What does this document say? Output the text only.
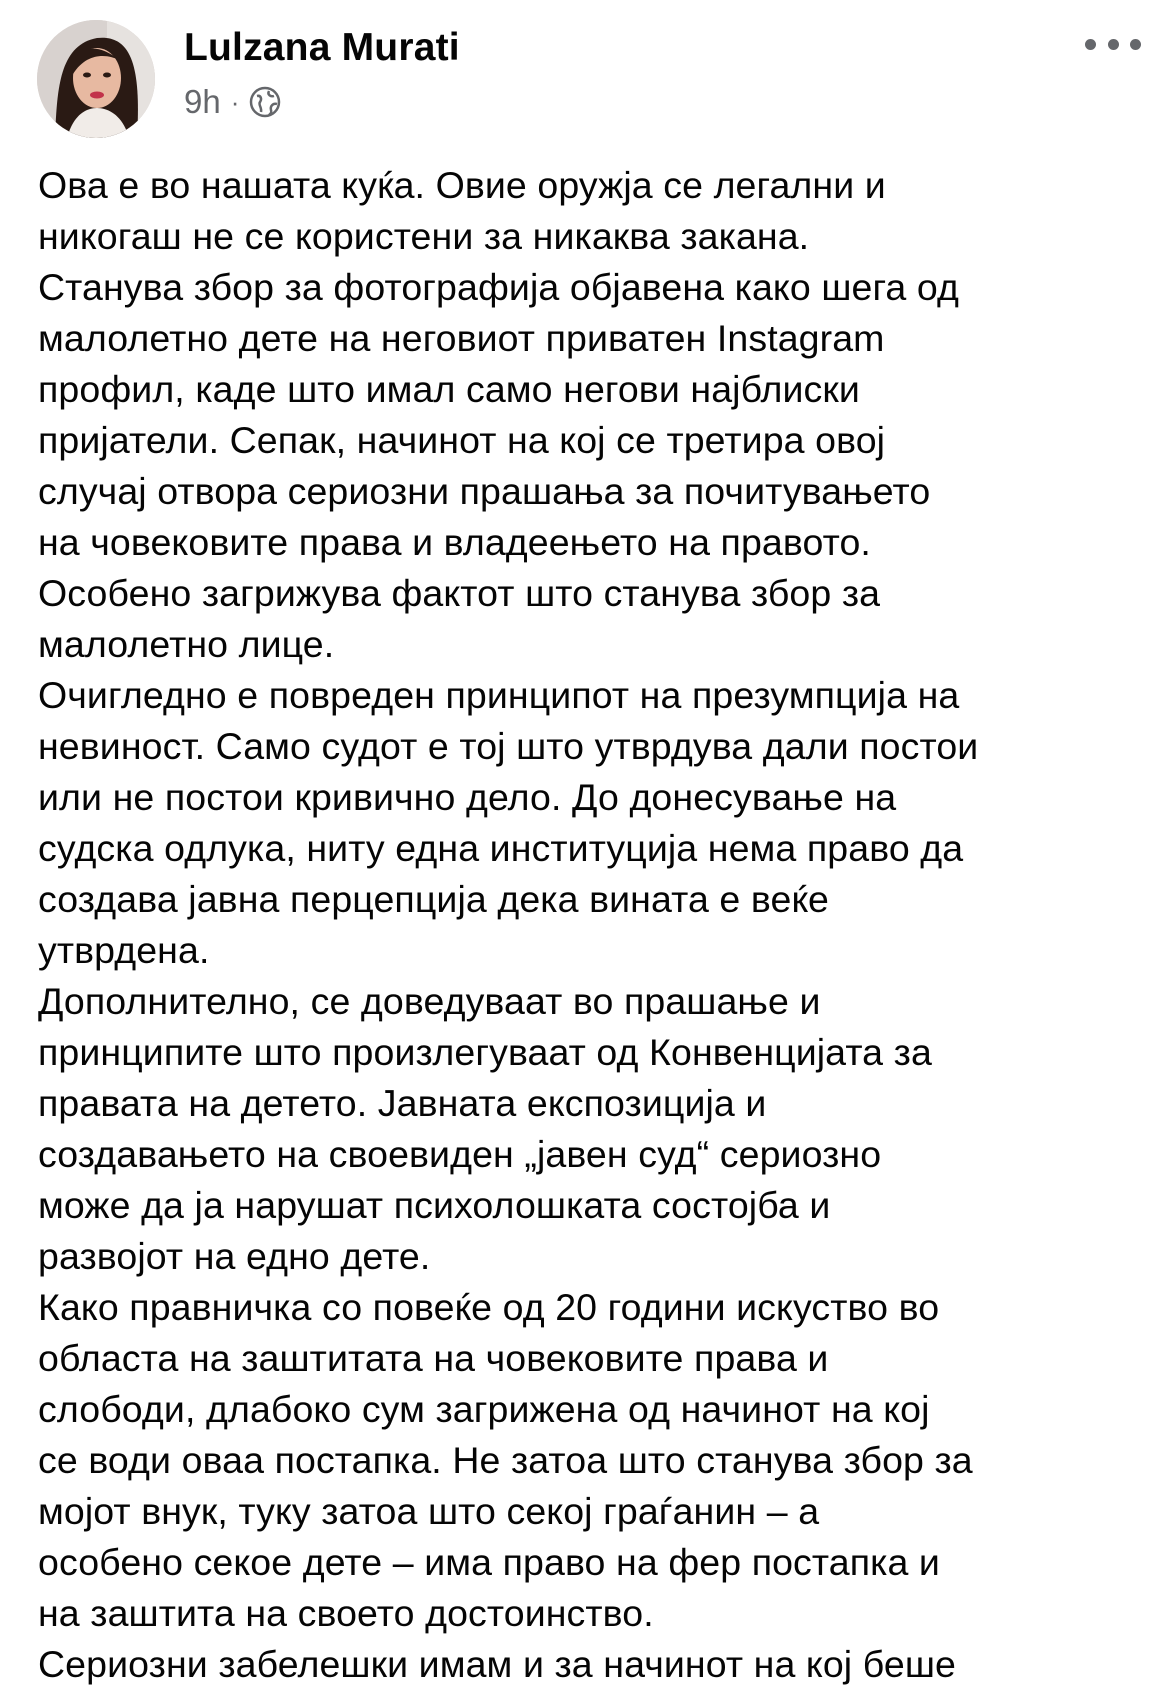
Lulzana Murati
9h ·
Ова е во нашата куќа. Овие оружја се легални и
никогаш не се користени за никаква закана.
Станува збор за фотографија објавена како шега од
малолетно дете на неговиот приватен Instagram
профил, каде што имал само негови најблиски
пријатели. Сепак, начинот на кој се третира овој
случај отвора сериозни прашања за почитувањето
на човековите права и владеењето на правото.
Особено загрижува фактот што станува збор за
малолетно лице.
Очигледно е повреден принципот на презумпција на
невиност. Само судот е тој што утврдува дали постои
или не постои кривично дело. До донесување на
судска одлука, ниту една институција нема право да
создава јавна перцепција дека вината е веќе
утврдена.
Дополнително, се доведуваат во прашање и
принципите што произлегуваат од Конвенцијата за
правата на детето. Јавната експозиција и
создавањето на своевиден „јавен суд“ сериозно
може да ја нарушат психолошката состојба и
развојот на едно дете.
Како правничка со повеќе од 20 години искуство во
областа на заштитата на човековите права и
слободи, длабоко сум загрижена од начинот на кој
се води оваа постапка. Не затоа што станува збор за
мојот внук, туку затоа што секој граѓанин – а
особено секое дете – има право на фер постапка и
на заштита на своето достоинство.
Сериозни забелешки имам и за начинот на кој беше
